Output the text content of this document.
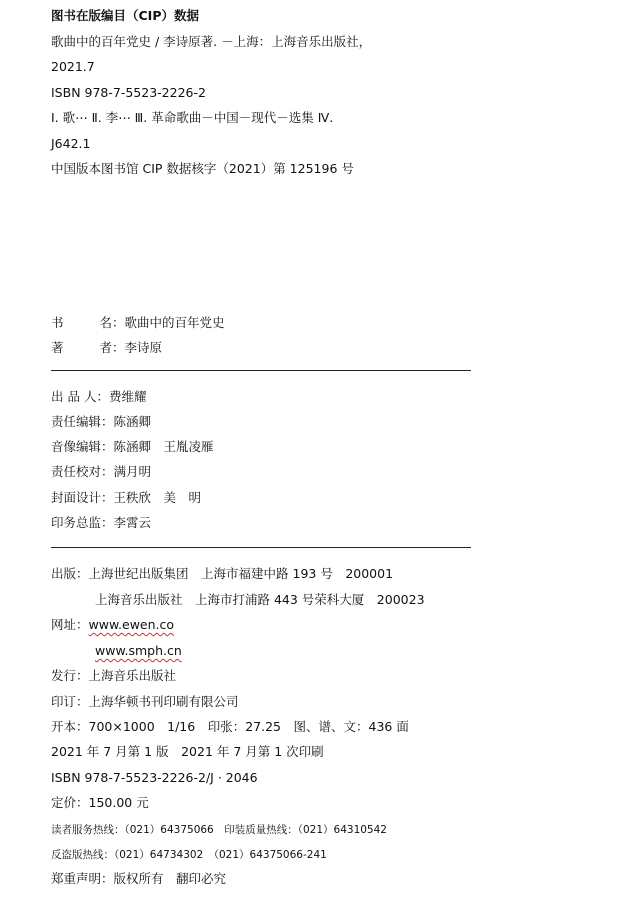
图书在版编目（CIP）数据
歌曲中的百年党史 / 李诗原著. －上海：上海音乐出版社，
2021.7
ISBN 978-7-5523-2226-2
Ⅰ. 歌⋯ Ⅱ. 李⋯ Ⅲ. 革命歌曲－中国－现代－选集 Ⅳ.
J642.1
中国版本图书馆 CIP 数据核字（2021）第 125196 号
书	名：歌曲中的百年党史
著	者：李诗原
出 品 人：费维耀
责任编辑：陈涵卿
音像编辑：陈涵卿　王胤凌雁
责任校对：满月明
封面设计：王秩欣　美　明
印务总监：李霄云
出版：上海世纪出版集团　上海市福建中路 193 号　200001
上海音乐出版社　上海市打浦路 443 号荣科大厦　200023
网址：www.ewen.co
www.smph.cn
发行：上海音乐出版社
印订：上海华顿书刊印刷有限公司
开本：700×1000　1/16　印张：27.25　图、谱、文：436 面
2021 年 7 月第 1 版　2021 年 7 月第 1 次印刷
ISBN 978-7-5523-2226-2/J · 2046
定价：150.00 元
读者服务热线：（021）64375066　印装质量热线：（021）64310542
反盗版热线：（021）64734302　（021）64375066-241
郑重声明：版权所有　翻印必究
